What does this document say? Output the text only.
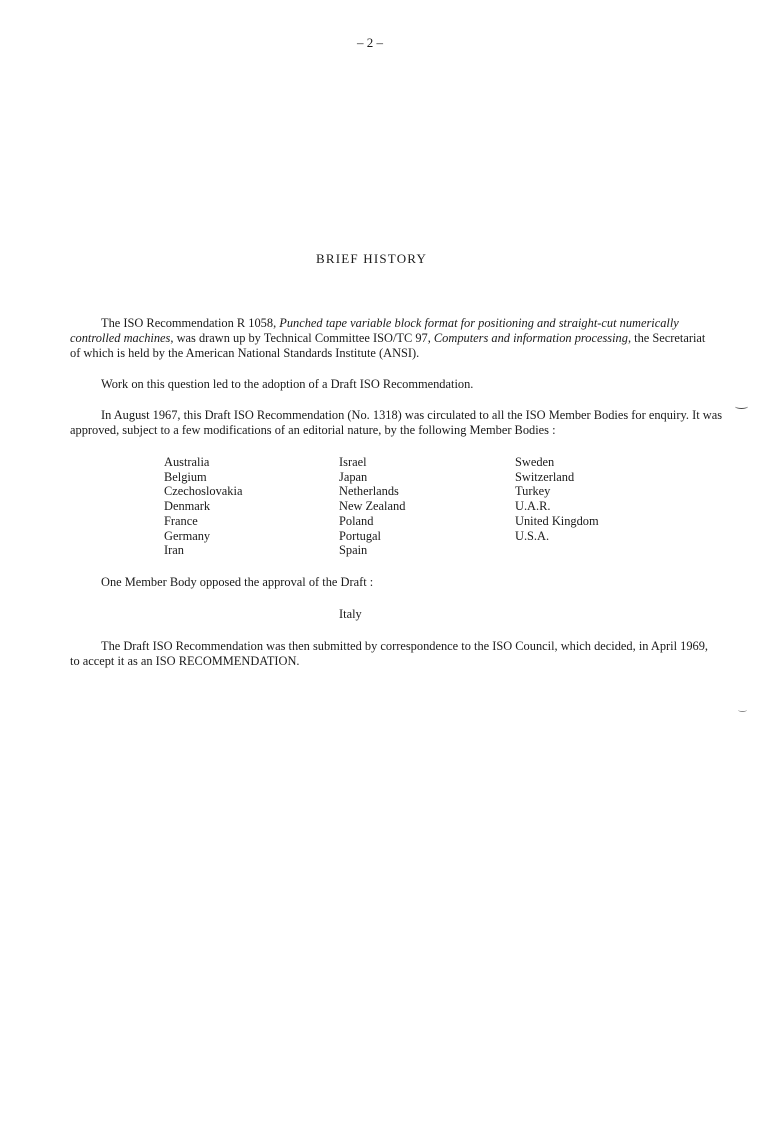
– 2 –
BRIEF HISTORY
The ISO Recommendation R 1058, Punched tape variable block format for positioning and straight-cut numerically controlled machines, was drawn up by Technical Committee ISO/TC 97, Computers and information processing, the Secretariat of which is held by the American National Standards Institute (ANSI).
Work on this question led to the adoption of a Draft ISO Recommendation.
In August 1967, this Draft ISO Recommendation (No. 1318) was circulated to all the ISO Member Bodies for enquiry. It was approved, subject to a few modifications of an editorial nature, by the following Member Bodies :
Australia
Belgium
Czechoslovakia
Denmark
France
Germany
Iran
Israel
Japan
Netherlands
New Zealand
Poland
Portugal
Spain
Sweden
Switzerland
Turkey
U.A.R.
United Kingdom
U.S.A.
One Member Body opposed the approval of the Draft :
Italy
The Draft ISO Recommendation was then submitted by correspondence to the ISO Council, which decided, in April 1969, to accept it as an ISO RECOMMENDATION.
